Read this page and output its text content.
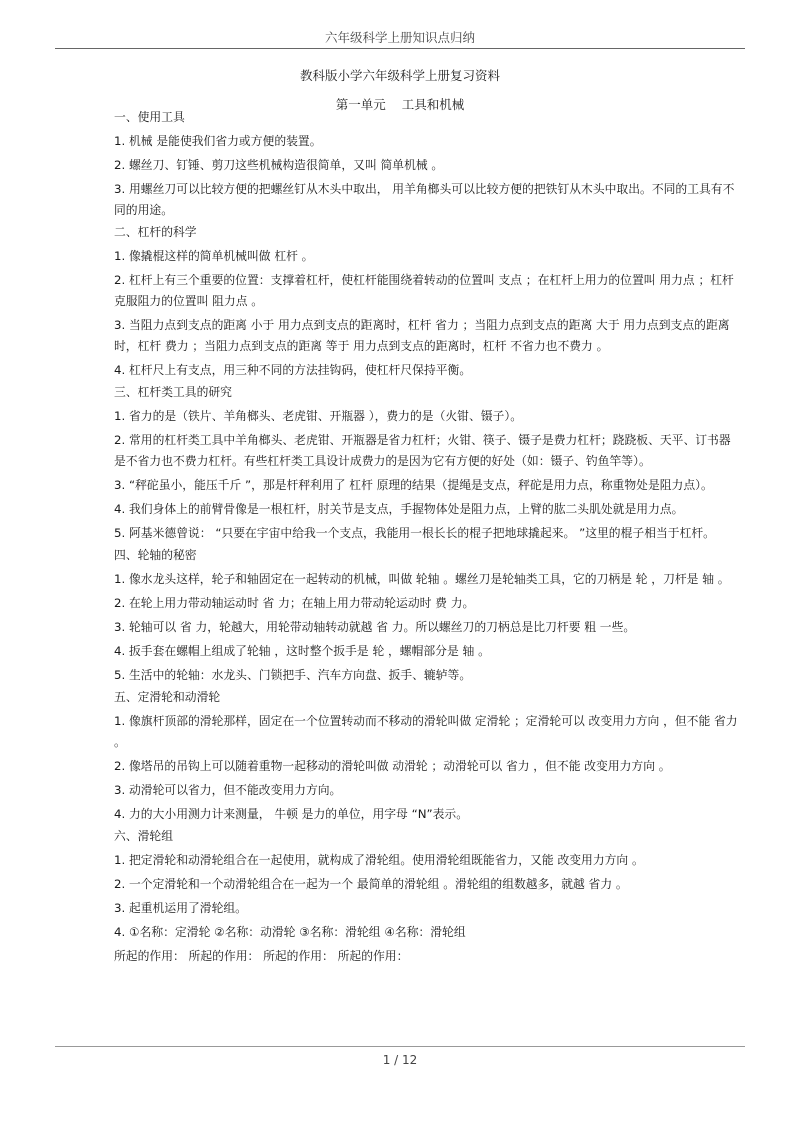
六年级科学上册知识点归纳
教科版小学六年级科学上册复习资料
第一单元 工具和机械
一、使用工具
1. 机械 是能使我们省力或方便的装置。
2. 螺丝刀、钉锤、剪刀这些机械构造很简单，又叫 简单机械 。
3. 用螺丝刀可以比较方便的把螺丝钉从木头中取出， 用羊角榔头可以比较方便的把铁钉从木头中取出。不同的工具有不同的用途。
二、杠杆的科学
1. 像撬棍这样的简单机械叫做 杠杆 。
2. 杠杆上有三个重要的位置：支撑着杠杆，使杠杆能围绕着转动的位置叫 支点 ；在杠杆上用力的位置叫 用力点 ；杠杆克服阻力的位置叫 阻力点 。
3. 当阻力点到支点的距离 小于 用力点到支点的距离时，杠杆 省力 ；当阻力点到支点的距离 大于 用力点到支点的距离时，杠杆 费力 ；当阻力点到支点的距离 等于 用力点到支点的距离时，杠杆 不省力也不费力 。
4. 杠杆尺上有支点，用三种不同的方法挂钩码，使杠杆尺保持平衡。
三、杠杆类工具的研究
1. 省力的是（铁片、羊角榔头、老虎钳、开瓶器 ），费力的是（火钳、镊子）。
2. 常用的杠杆类工具中羊角榔头、老虎钳、开瓶器是省力杠杆；火钳、筷子、镊子是费力杠杆；跷跷板、天平、订书器是不省力也不费力杠杆。有些杠杆类工具设计成费力的是因为它有方便的好处（如：镊子、钓鱼竿等）。
3. “秤砣虽小，能压千斤 ”，那是杆秤利用了 杠杆 原理的结果（提绳是支点，秤砣是用力点，称重物处是阻力点）。
4. 我们身体上的前臂骨像是一根杠杆，肘关节是支点，手握物体处是阻力点，上臂的肱二头肌处就是用力点。
5. 阿基米德曾说： “只要在宇宙中给我一个支点，我能用一根长长的棍子把地球撬起来。 ”这里的棍子相当于杠杆。
四、轮轴的秘密
1. 像水龙头这样，轮子和轴固定在一起转动的机械，叫做 轮轴 。螺丝刀是轮轴类工具，它的刀柄是 轮 ，刀杆是 轴 。
2. 在轮上用力带动轴运动时 省 力；在轴上用力带动轮运动时 费 力。
3. 轮轴可以 省 力，轮越大，用轮带动轴转动就越 省 力。所以螺丝刀的刀柄总是比刀杆要 粗 一些。
4. 扳手套在螺帽上组成了轮轴 ，这时整个扳手是 轮 ，螺帽部分是 轴 。
5. 生活中的轮轴：水龙头、门锁把手、汽车方向盘、扳手、辘轳等。
五、定滑轮和动滑轮
1. 像旗杆顶部的滑轮那样，固定在一个位置转动而不移动的滑轮叫做 定滑轮 ；定滑轮可以 改变用力方向 ，但不能 省力 。
2. 像塔吊的吊钩上可以随着重物一起移动的滑轮叫做 动滑轮 ；动滑轮可以 省力 ，但不能 改变用力方向 。
3. 动滑轮可以省力，但不能改变用力方向。
4. 力的大小用测力计来测量， 牛顿 是力的单位，用字母 “N”表示。
六、滑轮组
1. 把定滑轮和动滑轮组合在一起使用，就构成了滑轮组。使用滑轮组既能省力，又能 改变用力方向 。
2. 一个定滑轮和一个动滑轮组合在一起为一个 最简单的滑轮组 。滑轮组的组数越多，就越 省力 。
3. 起重机运用了滑轮组。
4. ①名称：定滑轮 ②名称：动滑轮 ③名称：滑轮组 ④名称：滑轮组
所起的作用： 所起的作用： 所起的作用： 所起的作用：
1 / 12
